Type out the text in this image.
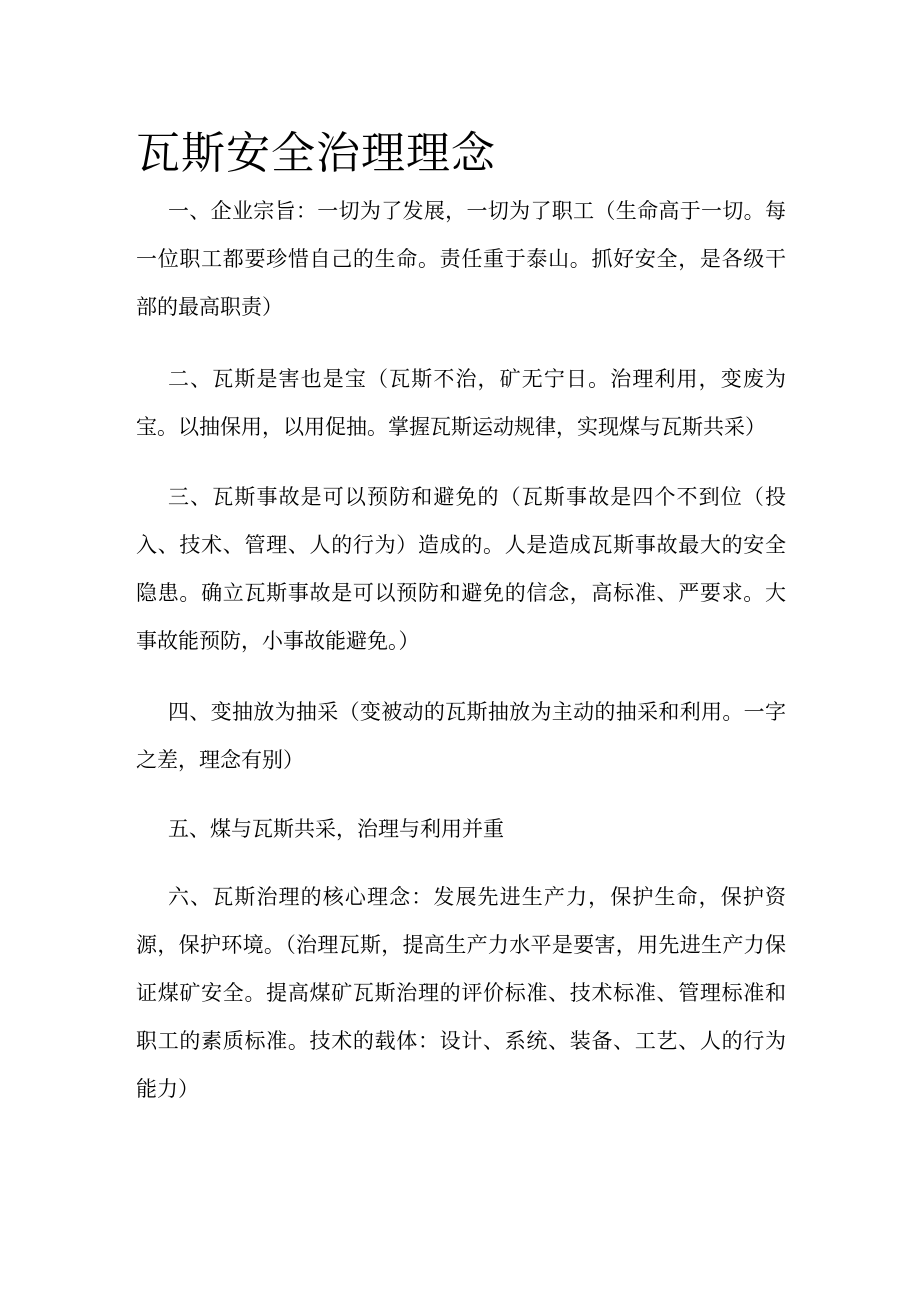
瓦斯安全治理理念

一、企业宗旨：一切为了发展，一切为了职工（生命高于一切。每一位职工都要珍惜自己的生命。责任重于泰山。抓好安全，是各级干部的最高职责）

二、瓦斯是害也是宝（瓦斯不治，矿无宁日。治理利用，变废为宝。以抽保用，以用促抽。掌握瓦斯运动规律，实现煤与瓦斯共采）

三、瓦斯事故是可以预防和避免的（瓦斯事故是四个不到位（投入、技术、管理、人的行为）造成的。人是造成瓦斯事故最大的安全隐患。确立瓦斯事故是可以预防和避免的信念，高标准、严要求。大事故能预防，小事故能避免。）

四、变抽放为抽采（变被动的瓦斯抽放为主动的抽采和利用。一字之差，理念有别）

五、煤与瓦斯共采，治理与利用并重

六、瓦斯治理的核心理念：发展先进生产力，保护生命，保护资源，保护环境。（治理瓦斯，提高生产力水平是要害，用先进生产力保证煤矿安全。提高煤矿瓦斯治理的评价标准、技术标准、管理标准和职工的素质标准。技术的载体：设计、系统、装备、工艺、人的行为能力）
